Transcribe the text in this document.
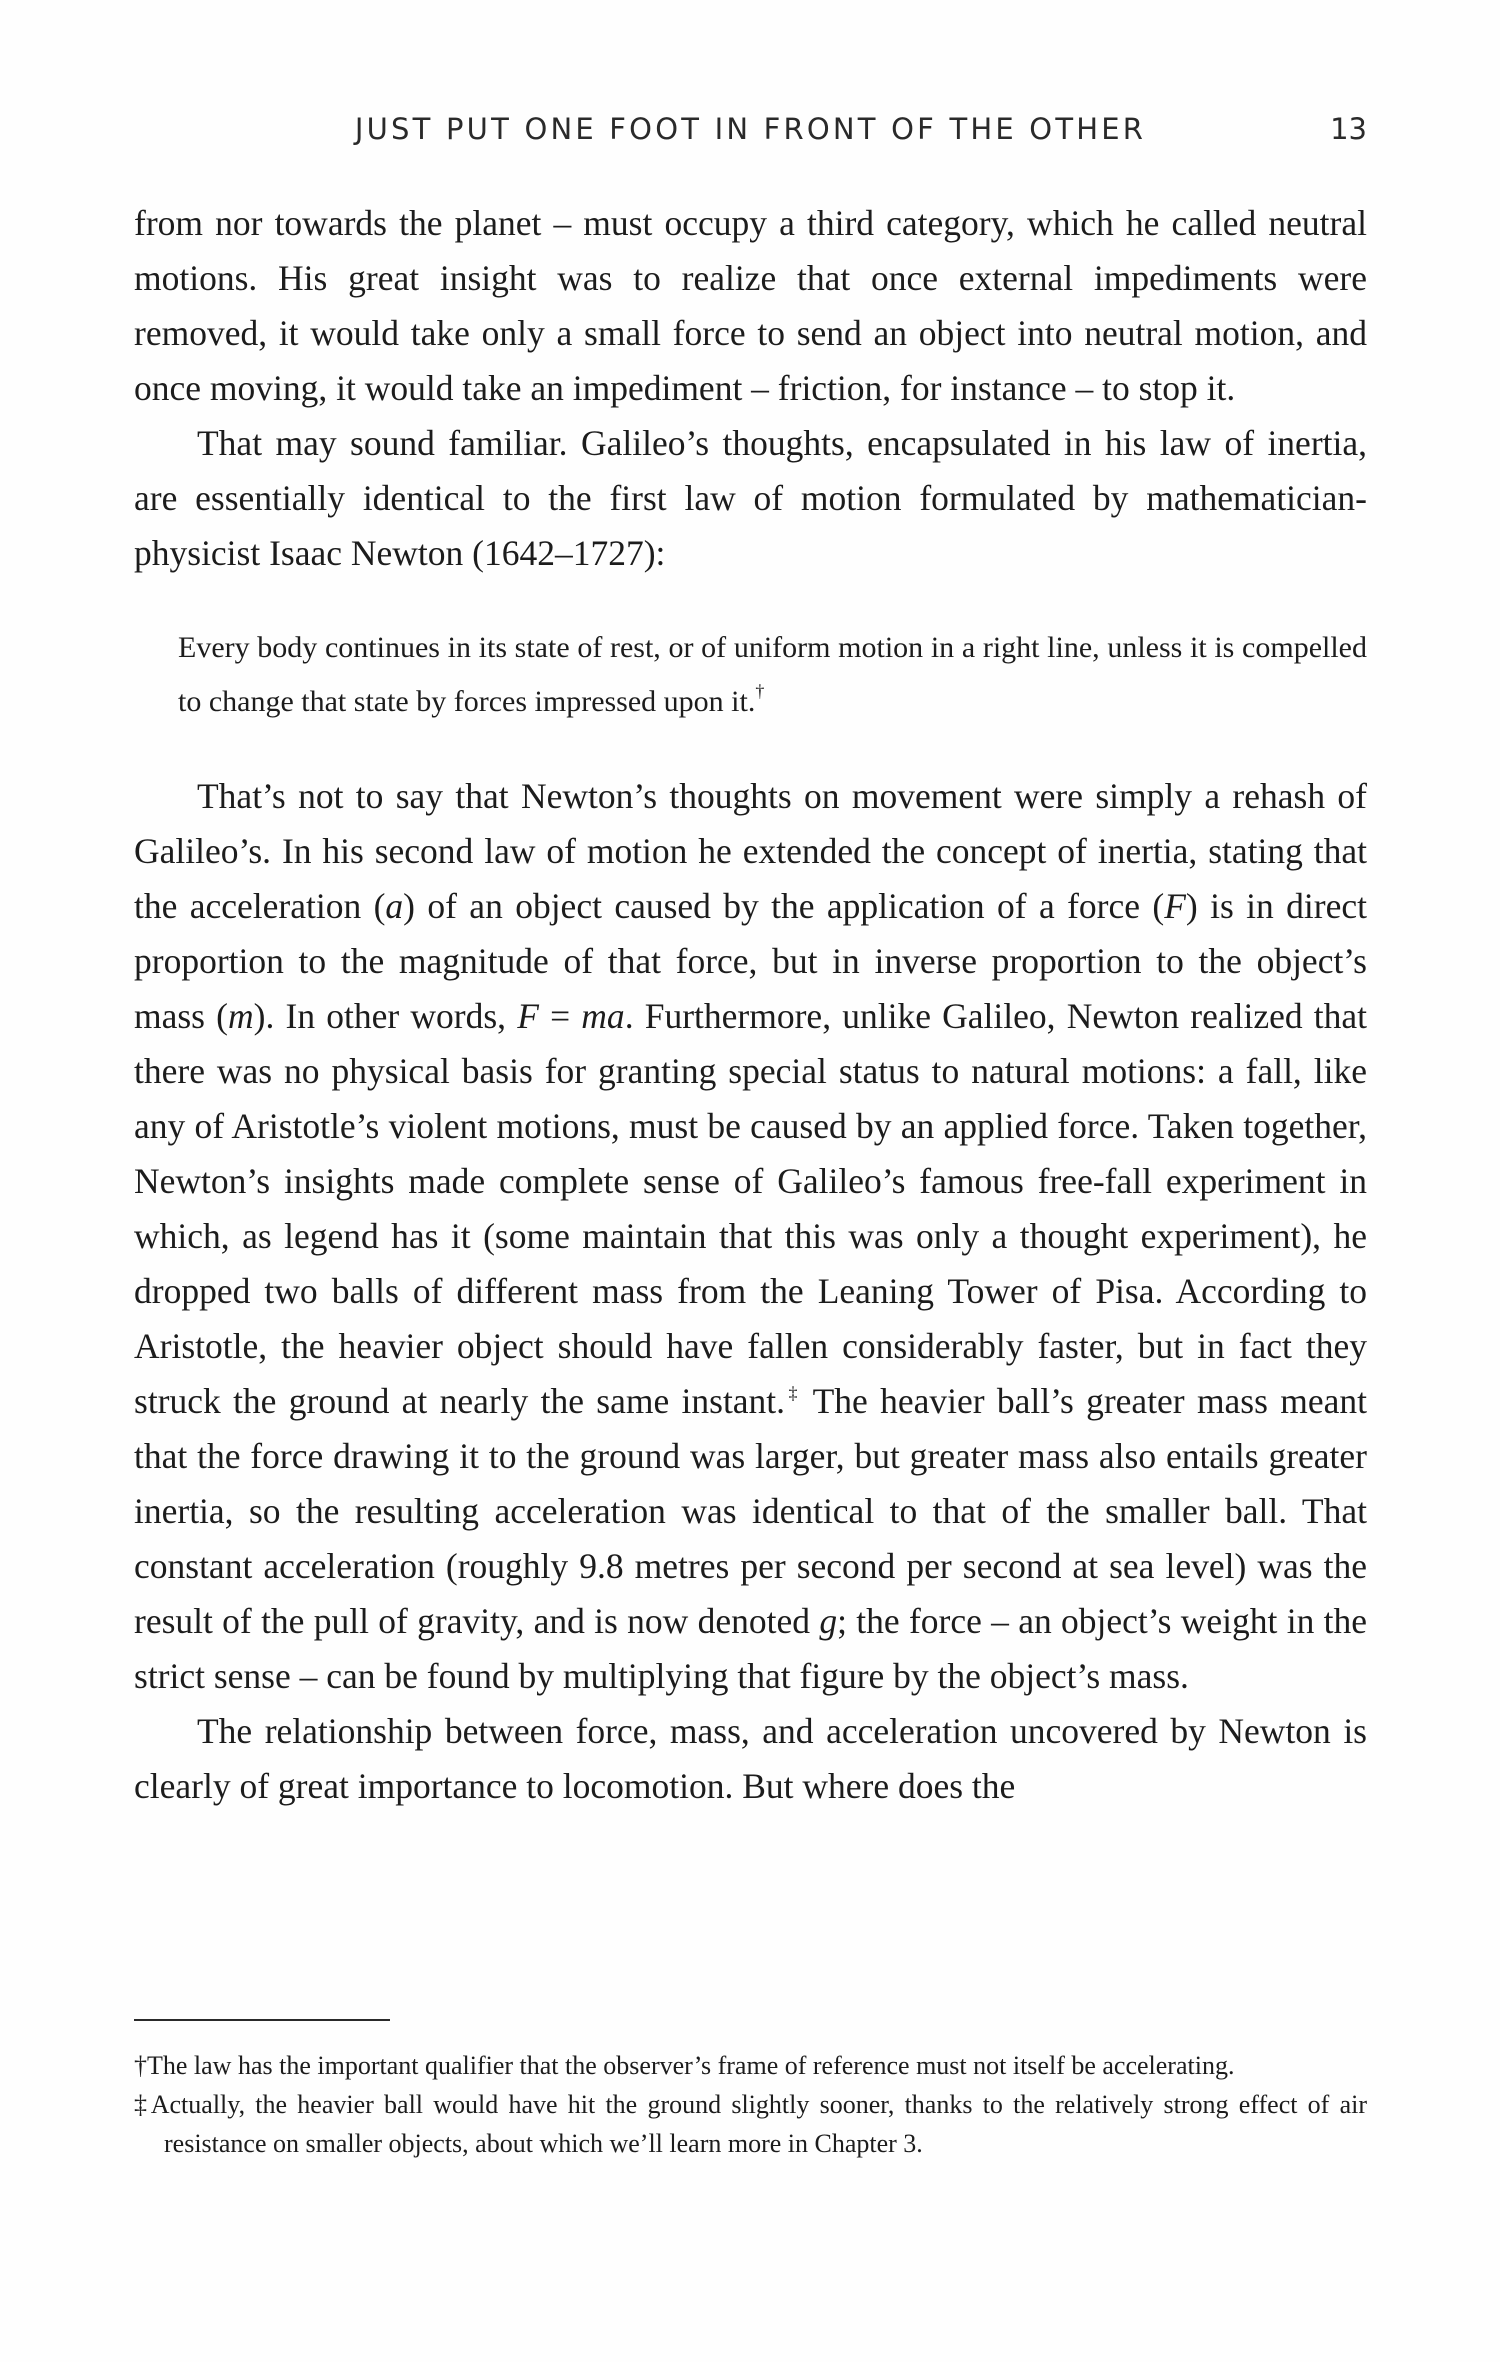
JUST PUT ONE FOOT IN FRONT OF THE OTHER	13

from nor towards the planet – must occupy a third category, which he called neutral motions. His great insight was to realize that once external impediments were removed, it would take only a small force to send an object into neutral motion, and once moving, it would take an impediment – friction, for instance – to stop it.

That may sound familiar. Galileo’s thoughts, encapsulated in his law of inertia, are essentially identical to the first law of motion formulated by mathematician-physicist Isaac Newton (1642–1727):

Every body continues in its state of rest, or of uniform motion in a right line, unless it is compelled to change that state by forces impressed upon it.†

That’s not to say that Newton’s thoughts on movement were simply a rehash of Galileo’s. In his second law of motion he extended the concept of inertia, stating that the acceleration (a) of an object caused by the application of a force (F) is in direct proportion to the magnitude of that force, but in inverse proportion to the object’s mass (m). In other words, F = ma. Furthermore, unlike Galileo, Newton realized that there was no physical basis for granting special status to natural motions: a fall, like any of Aristotle’s violent motions, must be caused by an applied force. Taken together, Newton’s insights made complete sense of Galileo’s famous free-fall experiment in which, as legend has it (some maintain that this was only a thought experiment), he dropped two balls of different mass from the Leaning Tower of Pisa. According to Aristotle, the heavier object should have fallen considerably faster, but in fact they struck the ground at nearly the same instant.‡ The heavier ball’s greater mass meant that the force drawing it to the ground was larger, but greater mass also entails greater inertia, so the resulting acceleration was identical to that of the smaller ball. That constant acceleration (roughly 9.8 metres per second per second at sea level) was the result of the pull of gravity, and is now denoted g; the force – an object’s weight in the strict sense – can be found by multiplying that figure by the object’s mass.

The relationship between force, mass, and acceleration uncovered by Newton is clearly of great importance to locomotion. But where does the

†The law has the important qualifier that the observer’s frame of reference must not itself be accelerating.

‡Actually, the heavier ball would have hit the ground slightly sooner, thanks to the relatively strong effect of air resistance on smaller objects, about which we’ll learn more in Chapter 3.
